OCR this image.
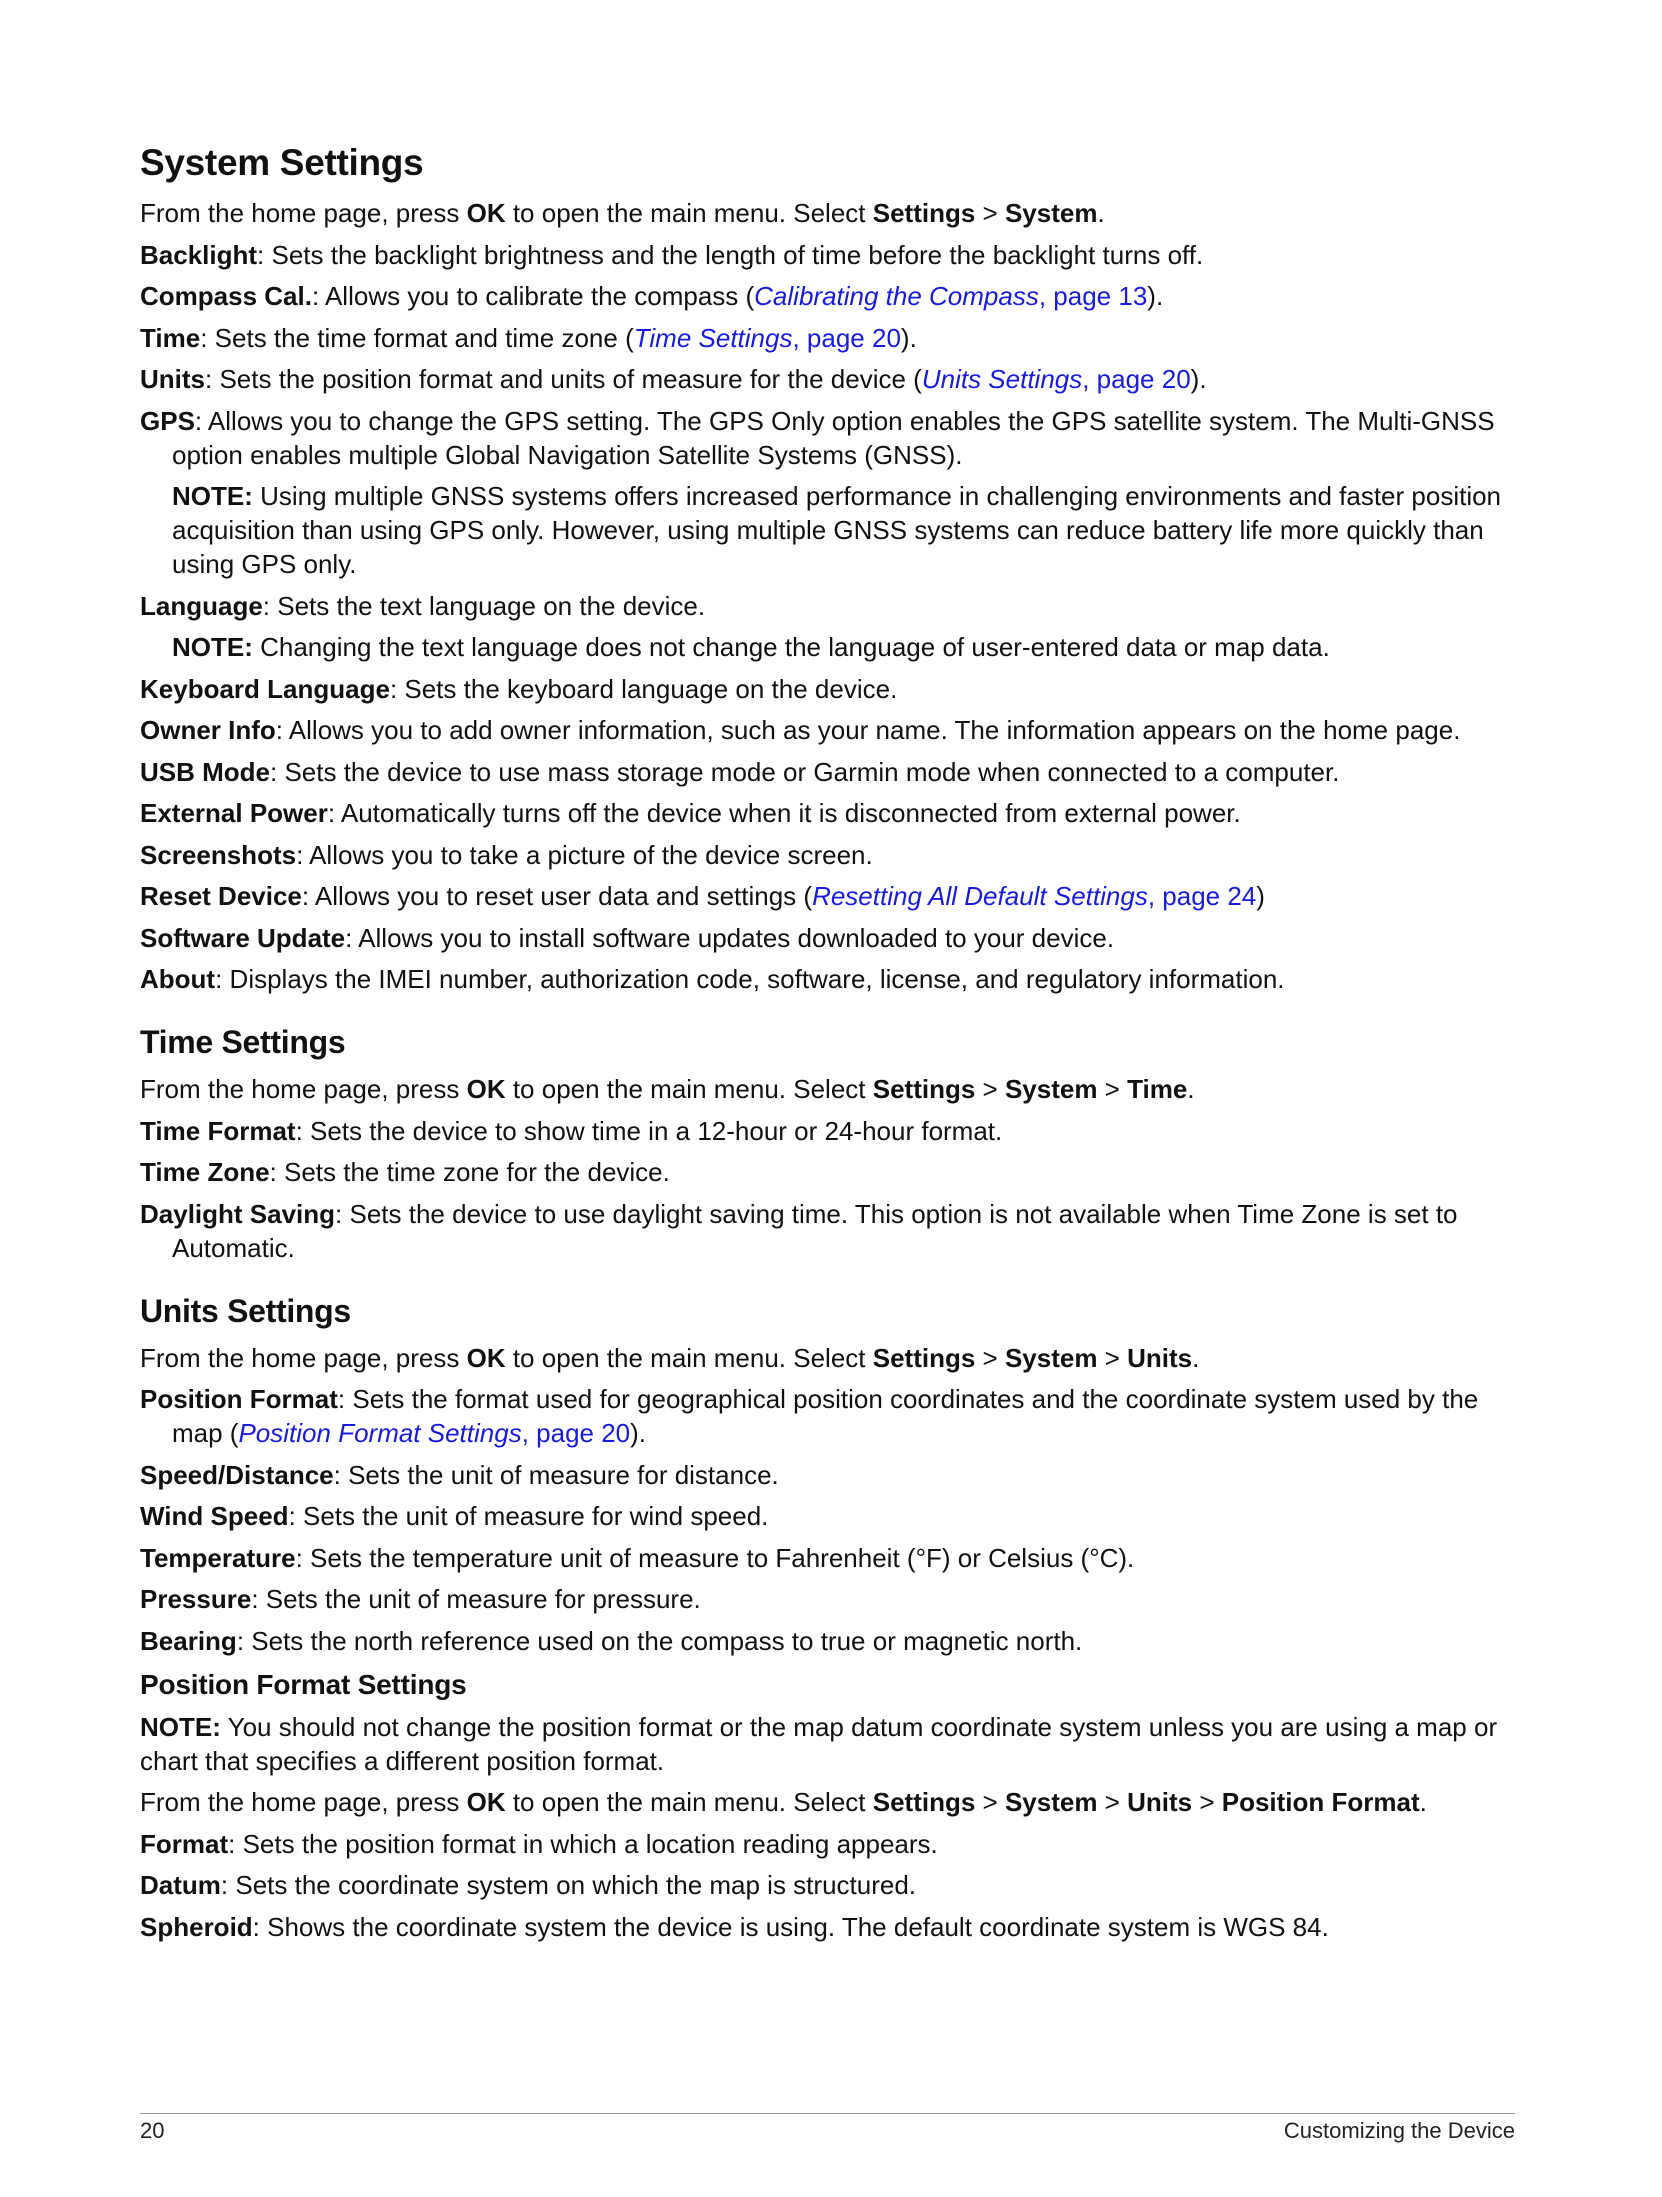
System Settings

From the home page, press OK to open the main menu. Select Settings > System.

Backlight: Sets the backlight brightness and the length of time before the backlight turns off.

Compass Cal.: Allows you to calibrate the compass (Calibrating the Compass, page 13).

Time: Sets the time format and time zone (Time Settings, page 20).

Units: Sets the position format and units of measure for the device (Units Settings, page 20).

GPS: Allows you to change the GPS setting. The GPS Only option enables the GPS satellite system. The Multi-GNSS option enables multiple Global Navigation Satellite Systems (GNSS).

NOTE: Using multiple GNSS systems offers increased performance in challenging environments and faster position acquisition than using GPS only. However, using multiple GNSS systems can reduce battery life more quickly than using GPS only.

Language: Sets the text language on the device.

NOTE: Changing the text language does not change the language of user-entered data or map data.

Keyboard Language: Sets the keyboard language on the device.

Owner Info: Allows you to add owner information, such as your name. The information appears on the home page.

USB Mode: Sets the device to use mass storage mode or Garmin mode when connected to a computer.

External Power: Automatically turns off the device when it is disconnected from external power.

Screenshots: Allows you to take a picture of the device screen.

Reset Device: Allows you to reset user data and settings (Resetting All Default Settings, page 24)

Software Update: Allows you to install software updates downloaded to your device.

About: Displays the IMEI number, authorization code, software, license, and regulatory information.

Time Settings

From the home page, press OK to open the main menu. Select Settings > System > Time.

Time Format: Sets the device to show time in a 12-hour or 24-hour format.

Time Zone: Sets the time zone for the device.

Daylight Saving: Sets the device to use daylight saving time. This option is not available when Time Zone is set to Automatic.

Units Settings

From the home page, press OK to open the main menu. Select Settings > System > Units.

Position Format: Sets the format used for geographical position coordinates and the coordinate system used by the map (Position Format Settings, page 20).

Speed/Distance: Sets the unit of measure for distance.

Wind Speed: Sets the unit of measure for wind speed.

Temperature: Sets the temperature unit of measure to Fahrenheit (°F) or Celsius (°C).

Pressure: Sets the unit of measure for pressure.

Bearing: Sets the north reference used on the compass to true or magnetic north.

Position Format Settings

NOTE: You should not change the position format or the map datum coordinate system unless you are using a map or chart that specifies a different position format.

From the home page, press OK to open the main menu. Select Settings > System > Units > Position Format.

Format: Sets the position format in which a location reading appears.

Datum: Sets the coordinate system on which the map is structured.

Spheroid: Shows the coordinate system the device is using. The default coordinate system is WGS 84.

20	Customizing the Device
